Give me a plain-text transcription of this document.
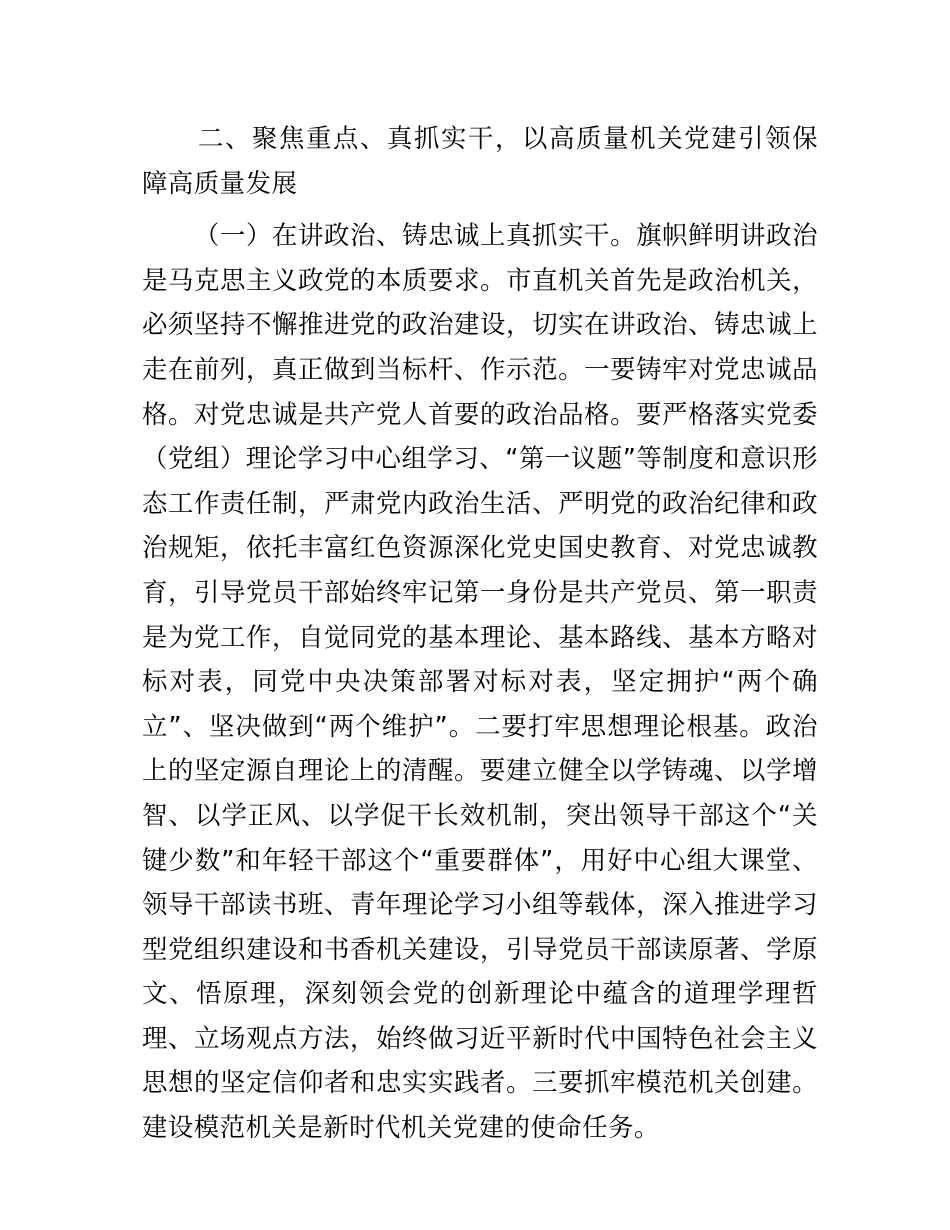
二、聚焦重点、真抓实干，以高质量机关党建引领保障高质量发展

（一）在讲政治、铸忠诚上真抓实干。旗帜鲜明讲政治是马克思主义政党的本质要求。市直机关首先是政治机关，必须坚持不懈推进党的政治建设，切实在讲政治、铸忠诚上走在前列，真正做到当标杆、作示范。一要铸牢对党忠诚品格。对党忠诚是共产党人首要的政治品格。要严格落实党委（党组）理论学习中心组学习、“第一议题”等制度和意识形态工作责任制，严肃党内政治生活、严明党的政治纪律和政治规矩，依托丰富红色资源深化党史国史教育、对党忠诚教育，引导党员干部始终牢记第一身份是共产党员、第一职责是为党工作，自觉同党的基本理论、基本路线、基本方略对标对表，同党中央决策部署对标对表，坚定拥护“两个确立”、坚决做到“两个维护”。二要打牢思想理论根基。政治上的坚定源自理论上的清醒。要建立健全以学铸魂、以学增智、以学正风、以学促干长效机制，突出领导干部这个“关键少数”和年轻干部这个“重要群体”，用好中心组大课堂、领导干部读书班、青年理论学习小组等载体，深入推进学习型党组织建设和书香机关建设，引导党员干部读原著、学原文、悟原理，深刻领会党的创新理论中蕴含的道理学理哲理、立场观点方法，始终做习近平新时代中国特色社会主义思想的坚定信仰者和忠实实践者。三要抓牢模范机关创建。建设模范机关是新时代机关党建的使命任务。
